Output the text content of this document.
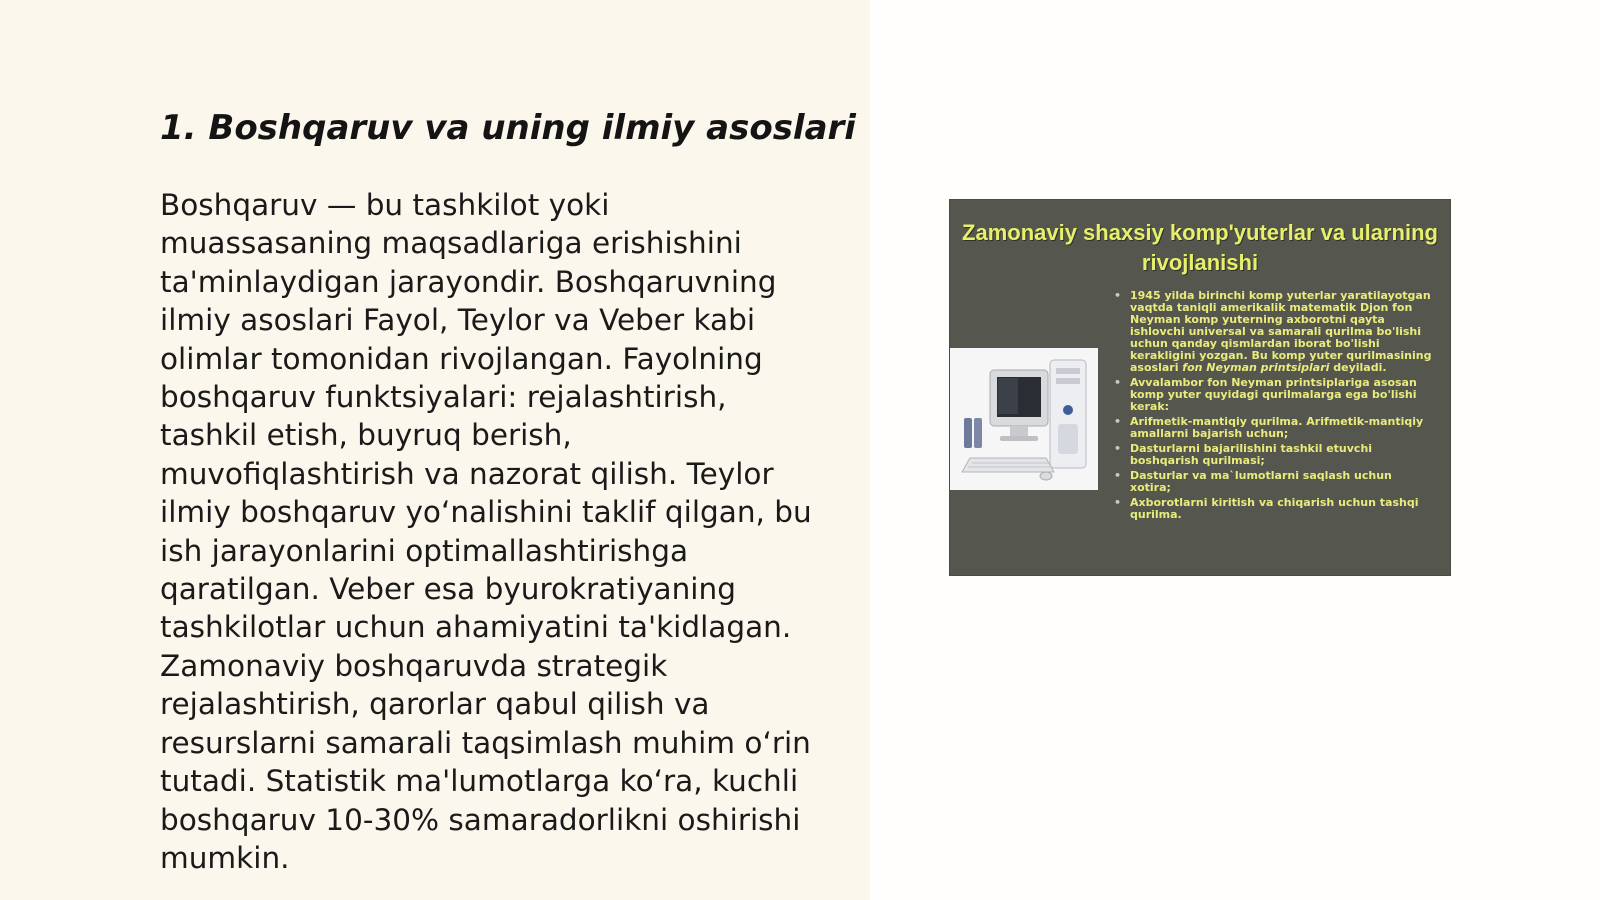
1. Boshqaruv va uning ilmiy asoslari

Boshqaruv — bu tashkilot yoki muassasaning maqsadlariga erishishini ta'minlaydigan jarayondir. Boshqaruvning ilmiy asoslari Fayol, Teylor va Veber kabi olimlar tomonidan rivojlangan. Fayolning boshqaruv funktsiyalari: rejalashtirish, tashkil etish, buyruq berish, muvofiqlashtirish va nazorat qilish. Teylor ilmiy boshqaruv yo‘nalishini taklif qilgan, bu ish jarayonlarini optimallashtirishga qaratilgan. Veber esa byurokratiyaning tashkilotlar uchun ahamiyatini ta'kidlagan. Zamonaviy boshqaruvda strategik rejalashtirish, qarorlar qabul qilish va resurslarni samarali taqsimlash muhim o‘rin tutadi. Statistik ma'lumotlarga ko‘ra, kuchli boshqaruv 10-30% samaradorlikni oshirishi mumkin.

Zamonaviy shaxsiy komp'yuterlar va ularning rivojlanishi
• 1945 yilda birinchi komp yuterlar yaratilayotgan vaqtda taniqli amerikalik matematik Djon fon Neyman komp yuterning axborotni qayta ishlovchi universal va samarali qurilma bo'lishi uchun qanday qismlardan iborat bo'lishi kerakligini yozgan. Bu komp yuter qurilmasining asoslari fon Neyman printsiplari deyiladi.
• Avvalambor fon Neyman printsiplariga asosan komp yuter quyidagi qurilmalarga ega bo'lishi kerak:
• Arifmetik-mantiqiy qurilma. Arifmetik-mantiqiy amallarni bajarish uchun;
• Dasturlarni bajarilishini tashkil etuvchi boshqarish qurilmasi;
• Dasturlar va ma`lumotlarni saqlash uchun xotira;
• Axborotlarni kiritish va chiqarish uchun tashqi qurilma.
